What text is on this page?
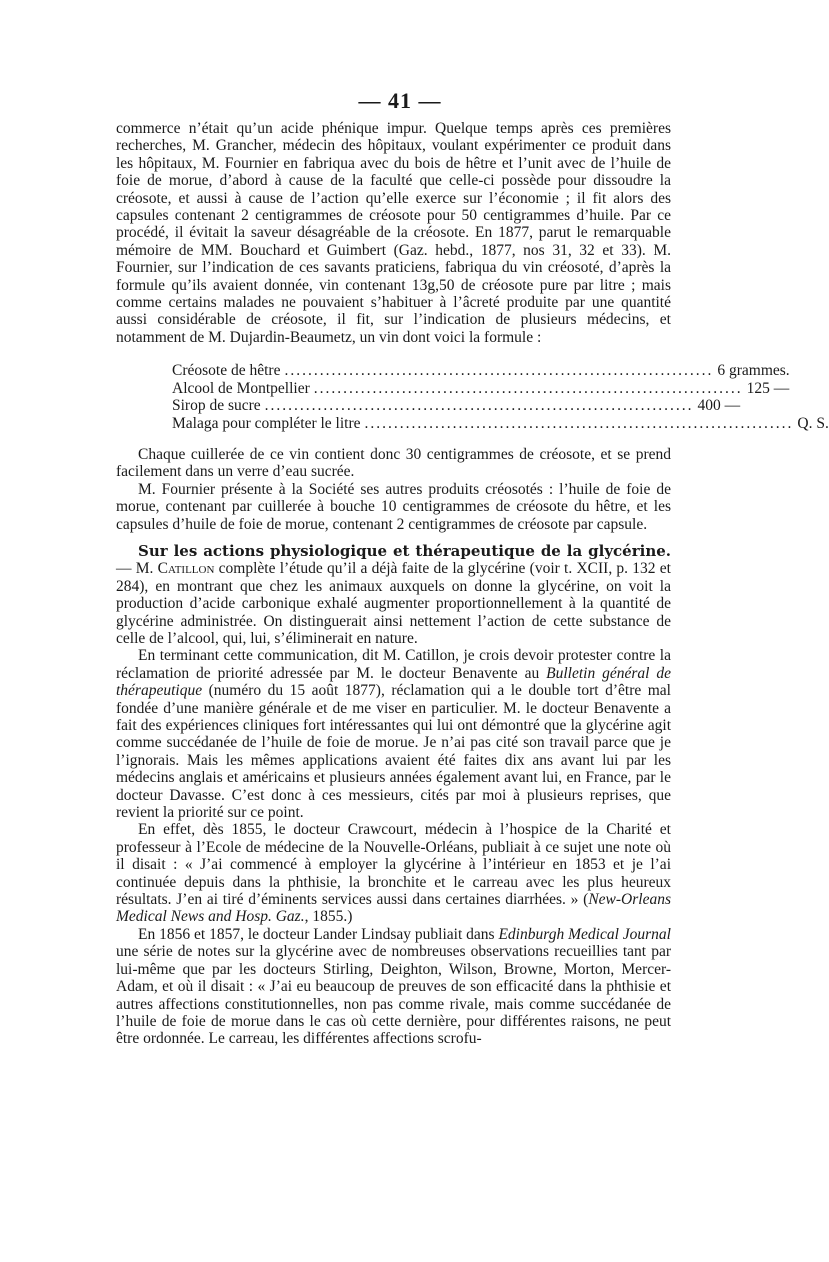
— 41 —

commerce n’était qu’un acide phénique impur. Quelque temps après ces premières recherches, M. Grancher, médecin des hôpitaux, voulant expérimenter ce produit dans les hôpitaux, M. Fournier en fabriqua avec du bois de hêtre et l’unit avec de l’huile de foie de morue, d’abord à cause de la faculté que celle-ci possède pour dissoudre la créosote, et aussi à cause de l’action qu’elle exerce sur l’économie ; il fit alors des capsules contenant 2 centigrammes de créosote pour 50 centigrammes d’huile. Par ce procédé, il évitait la saveur désagréable de la créosote. En 1877, parut le remarquable mémoire de MM. Bouchard et Guimbert (Gaz. hebd., 1877, nos 31, 32 et 33). M. Fournier, sur l’indication de ces savants praticiens, fabriqua du vin créosoté, d’après la formule qu’ils avaient donnée, vin contenant 13g,50 de créosote pure par litre ; mais comme certains malades ne pouvaient s’habituer à l’âcreté produite par une quantité aussi considérable de créosote, il fit, sur l’indication de plusieurs médecins, et notamment de M. Dujardin-Beaumetz, un vin dont voici la formule :

Créosote de hêtre ......................................................................... 6 grammes.
Alcool de Montpellier ......................................................................... 125 —
Sirop de sucre ......................................................................... 400 —
Malaga pour compléter le litre ......................................................................... Q. S.

Chaque cuillerée de ce vin contient donc 30 centigrammes de créosote, et se prend facilement dans un verre d’eau sucrée.

M. Fournier présente à la Société ses autres produits créosotés : l’huile de foie de morue, contenant par cuillerée à bouche 10 centigrammes de créosote du hêtre, et les capsules d’huile de foie de morue, contenant 2 centigrammes de créosote par capsule.

Sur les actions physiologique et thérapeutique de la glycérine. — M. Catillon complète l’étude qu’il a déjà faite de la glycérine (voir t. XCII, p. 132 et 284), en montrant que chez les animaux auxquels on donne la glycérine, on voit la production d’acide carbonique exhalé augmenter proportionnellement à la quantité de glycérine administrée. On distinguerait ainsi nettement l’action de cette substance de celle de l’alcool, qui, lui, s’éliminerait en nature.

En terminant cette communication, dit M. Catillon, je crois devoir protester contre la réclamation de priorité adressée par M. le docteur Benavente au Bulletin général de thérapeutique (numéro du 15 août 1877), réclamation qui a le double tort d’être mal fondée d’une manière générale et de me viser en particulier. M. le docteur Benavente a fait des expériences cliniques fort intéressantes qui lui ont démontré que la glycérine agit comme succédanée de l’huile de foie de morue. Je n’ai pas cité son travail parce que je l’ignorais. Mais les mêmes applications avaient été faites dix ans avant lui par les médecins anglais et américains et plusieurs années également avant lui, en France, par le docteur Davasse. C’est donc à ces messieurs, cités par moi à plusieurs reprises, que revient la priorité sur ce point.

En effet, dès 1855, le docteur Crawcourt, médecin à l’hospice de la Charité et professeur à l’Ecole de médecine de la Nouvelle-Orléans, publiait à ce sujet une note où il disait : « J’ai commencé à employer la glycérine à l’intérieur en 1853 et je l’ai continuée depuis dans la phthisie, la bronchite et le carreau avec les plus heureux résultats. J’en ai tiré d’éminents services aussi dans certaines diarrhées. » (New-Orleans Medical News and Hosp. Gaz., 1855.)

En 1856 et 1857, le docteur Lander Lindsay publiait dans Edinburgh Medical Journal une série de notes sur la glycérine avec de nombreuses observations recueillies tant par lui-même que par les docteurs Stirling, Deighton, Wilson, Browne, Morton, Mercer-Adam, et où il disait : « J’ai eu beaucoup de preuves de son efficacité dans la phthisie et autres affections constitutionnelles, non pas comme rivale, mais comme succédanée de l’huile de foie de morue dans le cas où cette dernière, pour différentes raisons, ne peut être ordonnée. Le carreau, les différentes affections scrofu-
